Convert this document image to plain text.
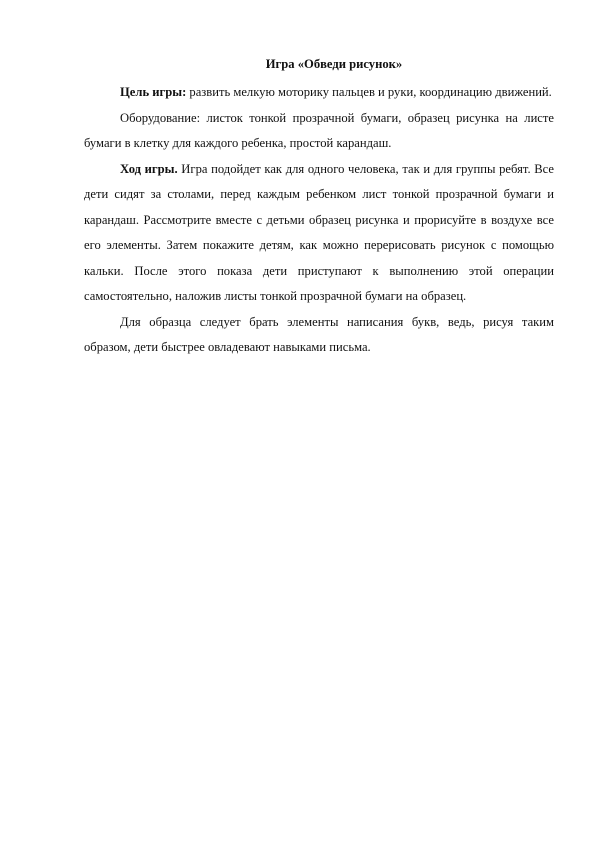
Игра «Обведи рисунок»

Цель игры: развить мелкую моторику пальцев и руки, координацию движений.

Оборудование: листок тонкой прозрачной бумаги, образец рисунка на листе бумаги в клетку для каждого ребенка, простой карандаш.

Ход игры. Игра подойдет как для одного человека, так и для группы ребят. Все дети сидят за столами, перед каждым ребенком лист тонкой прозрачной бумаги и карандаш. Рассмотрите вместе с детьми образец рисунка и прорисуйте в воздухе все его элементы. Затем покажите детям, как можно перерисовать рисунок с помощью кальки. После этого показа дети приступают к выполнению этой операции самостоятельно, наложив листы тонкой прозрачной бумаги на образец.

Для образца следует брать элементы написания букв, ведь, рисуя таким образом, дети быстрее овладевают навыками письма.
